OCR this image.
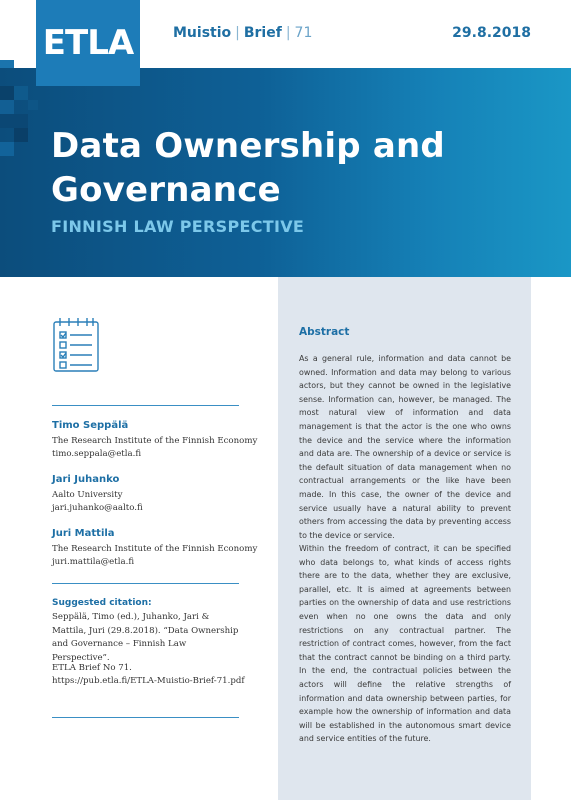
ETLA	Muistio | Brief | 71	29.8.2018
Data Ownership and
Governance
FINNISH LAW PERSPECTIVE
Timo Seppälä
The Research Institute of the Finnish Economy
timo.seppala@etla.fi
Jari Juhanko
Aalto University
jari.juhanko@aalto.fi
Juri Mattila
The Research Institute of the Finnish Economy
juri.mattila@etla.fi
Suggested citation:
Seppälä, Timo (ed.), Juhanko, Jari & Mattila, Juri (29.8.2018). “Data Ownership and Governance – Finnish Law Perspective”.
ETLA Brief No 71.
https://pub.etla.fi/ETLA-Muistio-Brief-71.pdf
Abstract
As a general rule, information and data cannot be owned. Information and data may belong to various actors, but they cannot be owned in the legislative sense. Information can, however, be managed. The most natural view of information and data management is that the actor is the one who owns the device and the service where the information and data are. The ownership of a device or service is the default situation of data management when no contractual arrangements or the like have been made. In this case, the owner of the device and service usually have a natural ability to prevent others from accessing the data by preventing access to the device or service.
Within the freedom of contract, it can be specified who data belongs to, what kinds of access rights there are to the data, whether they are exclusive, parallel, etc. It is aimed at agreements between parties on the ownership of data and use restrictions even when no one owns the data and only restrictions on any contractual partner. The restriction of contract comes, however, from the fact that the contract cannot be binding on a third party. In the end, the contractual policies between the actors will define the relative strengths of information and data ownership between parties, for example how the ownership of information and data will be established in the autonomous smart device and service entities of the future.
